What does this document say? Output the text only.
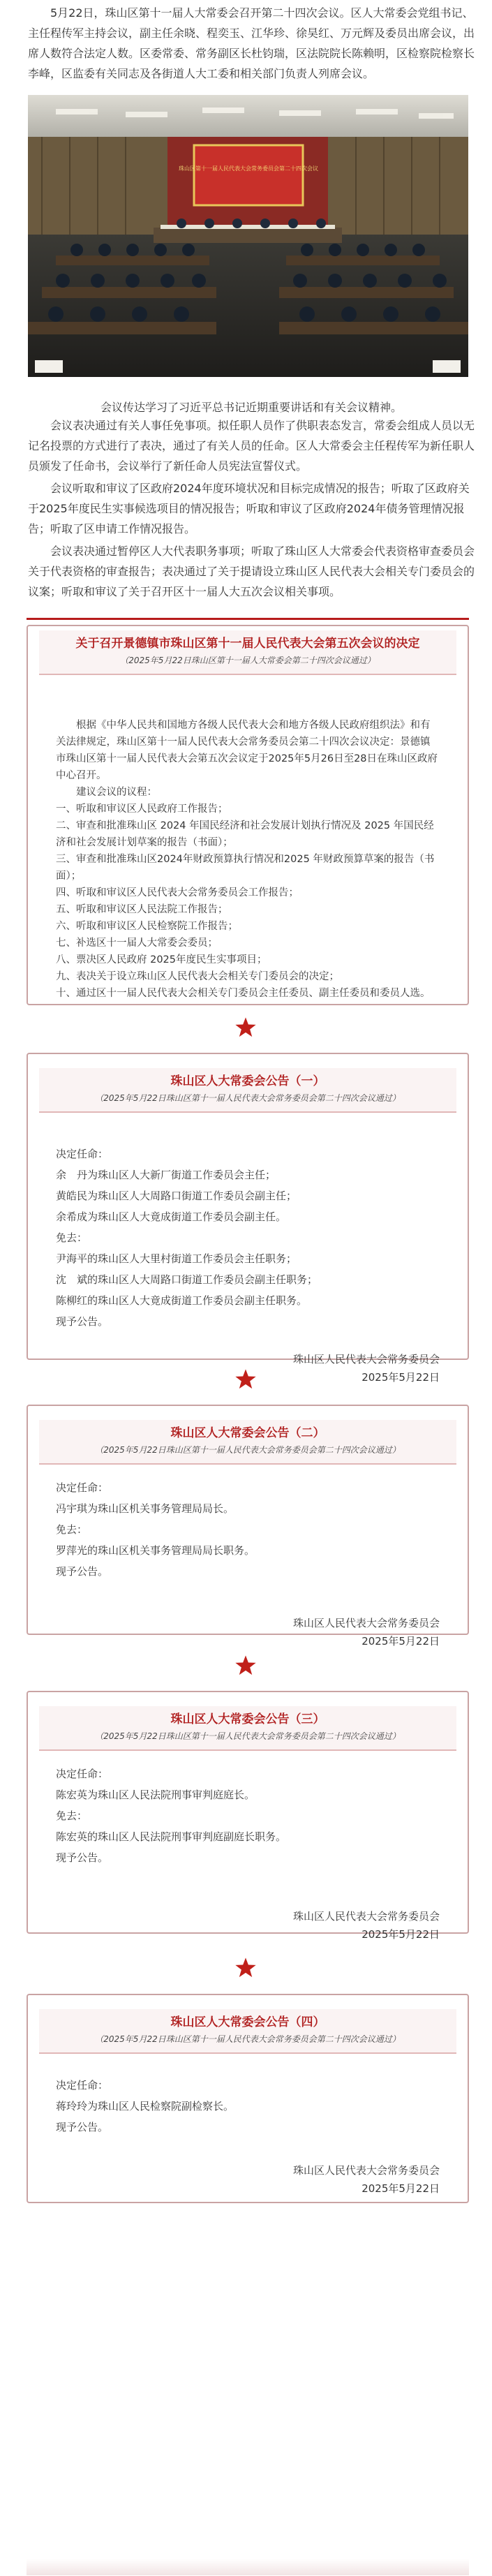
5月22日，珠山区第十一届人大常委会召开第二十四次会议。区人大常委会党组书记、主任程传军主持会议，副主任余晓、程奕玉、江华珍、徐昊红、万元辉及委员出席会议，出席人数符合法定人数。区委常委、常务副区长杜钧瑞，区法院院长陈赖明，区检察院检察长李峰，区监委有关同志及各街道人大工委和相关部门负责人列席会议。

珠山区第十一届人民代表大会常务委员会第二十四次会议

会议传达学习了习近平总书记近期重要讲话和有关会议精神。

会议表决通过有关人事任免事项。拟任职人员作了供职表态发言，常委会组成人员以无记名投票的方式进行了表决，通过了有关人员的任命。区人大常委会主任程传军为新任职人员颁发了任命书，会议举行了新任命人员宪法宣誓仪式。

会议听取和审议了区政府2024年度环境状况和目标完成情况的报告；听取了区政府关于2025年度民生实事候选项目的情况报告；听取和审议了区政府2024年债务管理情况报告；听取了区申请工作情况报告。

会议表决通过暂停区人大代表职务事项；听取了珠山区人大常委会代表资格审查委员会关于代表资格的审查报告；表决通过了关于提请设立珠山区人民代表大会相关专门委员会的议案；听取和审议了关于召开区十一届人大五次会议相关事项。

关于召开景德镇市珠山区第十一届人民代表大会第五次会议的决定

（2025年5月22日珠山区第十一届人大常委会第二十四次会议通过）

根据《中华人民共和国地方各级人民代表大会和地方各级人民政府组织法》和有关法律规定，珠山区第十一届人民代表大会常务委员会第二十四次会议决定：景德镇市珠山区第十一届人民代表大会第五次会议定于2025年5月26日至28日在珠山区政府中心召开。

建议会议的议程：

一、听取和审议区人民政府工作报告；

二、审查和批准珠山区 2024 年国民经济和社会发展计划执行情况及 2025 年国民经济和社会发展计划草案的报告（书面）；

三、审查和批准珠山区2024年财政预算执行情况和2025 年财政预算草案的报告（书面）；

四、听取和审议区人民代表大会常务委员会工作报告；

五、听取和审议区人民法院工作报告；

六、听取和审议区人民检察院工作报告；

七、补选区十一届人大常委会委员；

八、票决区人民政府 2025年度民生实事项目；

九、表决关于设立珠山区人民代表大会相关专门委员会的决定；

十、通过区十一届人民代表大会相关专门委员会主任委员、副主任委员和委员人选。

珠山区人大常委会公告（一）

（2025年5月22日珠山区第十一届人民代表大会常务委员会第二十四次会议通过）

决定任命：

余　丹为珠山区人大新厂街道工作委员会主任；

黄皓民为珠山区人大周路口街道工作委员会副主任；

余希成为珠山区人大竟成街道工作委员会副主任。

免去：

尹海平的珠山区人大里村街道工作委员会主任职务；

沈　斌的珠山区人大周路口街道工作委员会副主任职务；

陈柳红的珠山区人大竟成街道工作委员会副主任职务。

现予公告。

珠山区人民代表大会常务委员会
2025年5月22日

珠山区人大常委会公告（二）

（2025年5月22日珠山区第十一届人民代表大会常务委员会第二十四次会议通过）

决定任命：

冯宇琪为珠山区机关事务管理局局长。

免去：

罗萍光的珠山区机关事务管理局局长职务。

现予公告。

珠山区人民代表大会常务委员会
2025年5月22日

珠山区人大常委会公告（三）

（2025年5月22日珠山区第十一届人民代表大会常务委员会第二十四次会议通过）

决定任命：

陈宏英为珠山区人民法院刑事审判庭庭长。

免去：

陈宏英的珠山区人民法院刑事审判庭副庭长职务。

现予公告。

珠山区人民代表大会常务委员会
2025年5月22日

珠山区人大常委会公告（四）

（2025年5月22日珠山区第十一届人民代表大会常务委员会第二十四次会议通过）

决定任命：

蒋玲玲为珠山区人民检察院副检察长。

现予公告。

珠山区人民代表大会常务委员会
2025年5月22日
